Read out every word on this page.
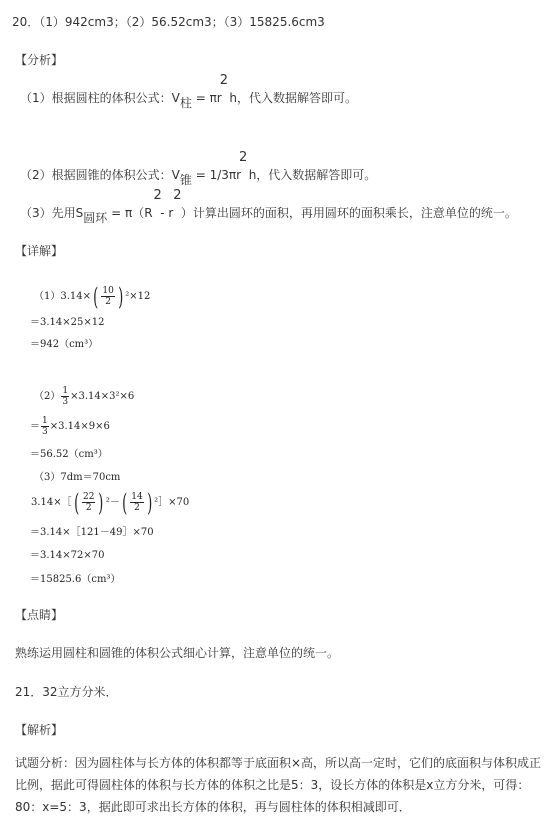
20．（1）942cm3；（2）56.52cm3；（3）15825.6cm3
【分析】
（1）根据圆柱的体积公式：V柱 = πr
2
h，代入数据解答即可。
（2）根据圆锥的体积公式：V锥 = 1/3πr
2
h，代入数据解答即可。
（3）先用S圆环 = π（R
2
- r
2
）计算出圆环的面积，再用圆环的面积乘长，注意单位的统一。
【详解】
$(1)3.14\times( \frac{10}{2}$ ) ²×12
＝3.14×25×12
＝942（cm³）
$(2) \frac{1}{3} \times 3.14\times 3^2\times 6$
＝ $\frac{1}{3} \times 3.14\times 9\times 6$
＝56.52（cm³）
（3）7dm＝70cm
3.14×［( $\frac{22}{2}$ ) $^2-( \frac{14}{2}$ ) ²］×70
＝3.14×［121－49］×70
＝3.14×72×70
＝15825.6（cm³）
【点睛】
熟练运用圆柱和圆锥的体积公式细心计算，注意单位的统一。
21．32立方分米．
【解析】
试题分析：因为圆柱体与长方体的体积都等于底面积×高，所以高一定时，它们的底面积与体积成正比例，据此可得圆柱体的体积与长方体的体积之比是5：3，设长方体的体积是x立方分米，可得：80：x=5：3，据此即可求出长方体的体积，再与圆柱体的体积相减即可．
